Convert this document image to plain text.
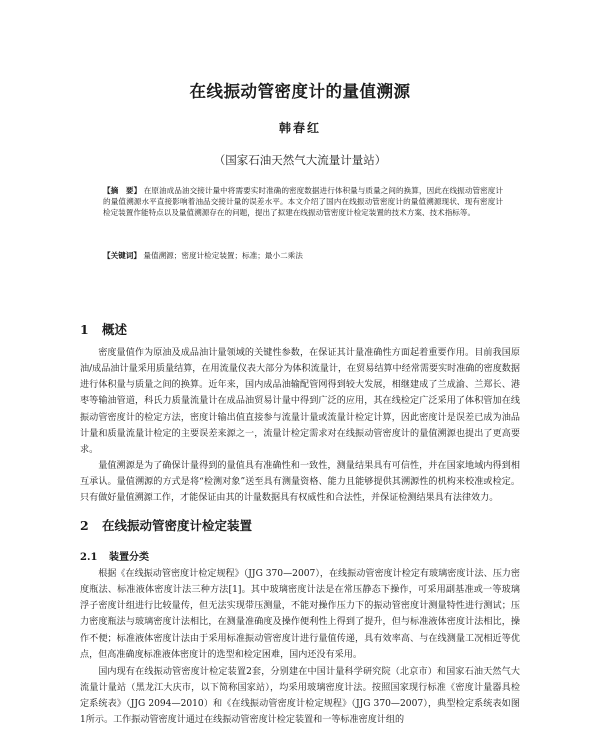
在线振动管密度计的量值溯源
韩春红
（国家石油天然气大流量计量站）
【摘　要】 在原油成品油交接计量中将需要实时准确的密度数据进行体积量与质量之间的换算，因此在线振动管密度计的量值溯源水平直接影响着油品交接计量的误差水平。本文介绍了国内在线振动管密度计的量值溯源现状、现有密度计检定装置作能特点以及量值溯源存在的问题，提出了拟建在线振动管密度计检定装置的技术方案、技术指标等。
【关键词】 量值溯源；密度计检定装置；标准；最小二乘法
1 概述
密度量值作为原油及成品油计量领域的关键性参数，在保证其计量准确性方面起着重要作用。目前我国原油/成品油计量采用质量结算，在用流量仪表大部分为体积流量计，在贸易结算中经常需要实时准确的密度数据进行体积量与质量之间的换算。近年来，国内成品油输配管网得到较大发展，相继建成了兰成渝、兰郑长、港枣等输油管道，科氏力质量流量计在成品油贸易计量中得到广泛的应用，其在线检定广泛采用了体积管加在线振动管密度计的检定方法，密度计输出值直接参与流量计量或流量计检定计算，因此密度计是误差已成为油品计量和质量流量计检定的主要误差来源之一，流量计检定需求对在线振动管密度计的量值溯源也提出了更高要求。
量值溯源是为了确保计量得到的量值具有准确性和一致性，测量结果具有可信性，并在国家地域内得到相互承认。量值溯源的方式是将“检测对象”送至具有测量资格、能力且能够提供其溯源性的机构来校准或检定。只有做好量值溯源工作，才能保证由其的计量数据具有权威性和合法性，并保证检测结果具有法律效力。
2 在线振动管密度计检定装置
2.1 装置分类
根据《在线振动管密度计检定规程》（JJG 370—2007），在线振动管密度计检定有玻璃密度计法、压力密度瓶法、标准液体密度计法三种方法[1]。其中玻璃密度计法是在常压静态下操作，可采用副基准或一等玻璃浮子密度计组进行比较量传，但无法实现带压测量，不能对操作压力下的振动管密度计测量特性进行测试；压力密度瓶法与玻璃密度计法相比，在测量准确度及操作便利性上得到了提升，但与标准液体密度计法相比，操作不便；标准液体密度计法由于采用标准振动管密度计进行量值传递，具有效率高、与在线测量工况相近等优点，但高准确度标准液体密度计的选型和检定困难，国内还没有采用。
国内现有在线振动管密度计检定装置2套，分别建在中国计量科学研究院（北京市）和国家石油天然气大流量计量站（黑龙江大庆市，以下简称国家站），均采用玻璃密度计法。按照国家现行标准《密度计量器具检定系统表》（JJG 2094—2010）和《在线振动管密度计检定规程》（JJG 370—2007），典型检定系统表如图1所示。工作振动管密度计通过在线振动管密度计检定装置和一等标准密度计组的
